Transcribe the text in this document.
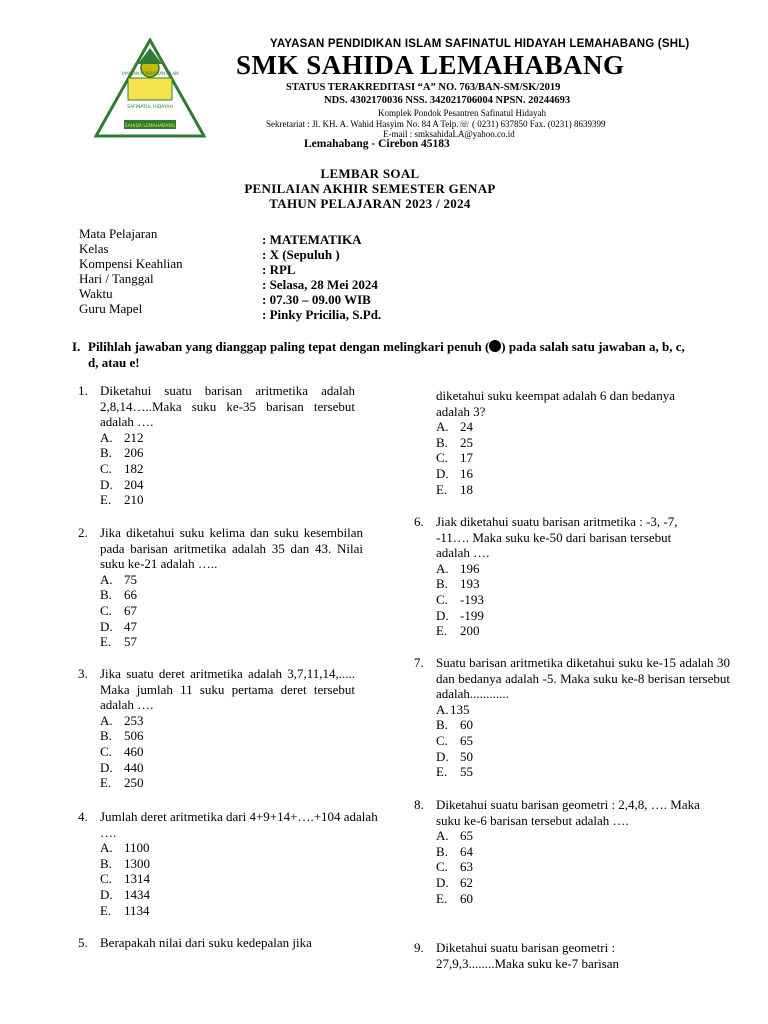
YAYASAN PENDIDIKAN ISLAM
SAFINATUL HIDAYAH
SAHIDA LEMAHABANG
YAYASAN PENDIDIKAN ISLAM SAFINATUL HIDAYAH LEMAHABANG (SHL)
SMK SAHIDA LEMAHABANG
STATUS TERAKREDITASI “A” NO. 763/BAN-SM/SK/2019
NDS. 4302170036 NSS. 342021706004 NPSN. 20244693
Komplek Pondok Pesantren Safinatul Hidayah
Sekretariat : Jl. KH. A. Wahid Hasyim No. 84 A Telp.☏ ( 0231) 637850 Fax. (0231) 8639399
E-mail : smksahidaLA@yahoo.co.id
Lemahabang - Cirebon 45183
LEMBAR SOAL
PENILAIAN AKHIR SEMESTER GENAP
TAHUN PELAJARAN 2023 / 2024
Mata Pelajaran
Kelas
Kompensi Keahlian
Hari / Tanggal
Waktu
Guru Mapel
: MATEMATIKA
: X (Sepuluh )
: RPL
: Selasa, 28 Mei 2024
: 07.30 – 09.00 WIB
: Pinky Pricilia, S.Pd.
I. Pilihlah jawaban yang dianggap paling tepat dengan melingkari penuh ( ) pada salah satu jawaban a, b, c, d, atau e!
1. Diketahui suatu barisan aritmetika adalah 2,8,14…..Maka suku ke-35 barisan tersebut adalah ….
A. 212
B. 206
C. 182
D. 204
E. 210
2. Jika diketahui suku kelima dan suku kesembilan pada barisan aritmetika adalah 35 dan 43. Nilai suku ke-21 adalah …..
A. 75
B. 66
C. 67
D. 47
E. 57
3. Jika suatu deret aritmetika adalah 3,7,11,14,..... Maka jumlah 11 suku pertama deret tersebut adalah ….
A. 253
B. 506
C. 460
D. 440
E. 250
4. Jumlah deret aritmetika dari 4+9+14+….+104 adalah ….
A. 1100
B. 1300
C. 1314
D. 1434
E. 1134
5. Berapakah nilai dari suku kedepalan jika
diketahui suku keempat adalah 6 dan bedanya adalah 3?
A. 24
B. 25
C. 17
D. 16
E. 18
6. Jiak diketahui suatu barisan aritmetika : -3, -7, -11…. Maka suku ke-50 dari barisan tersebut adalah ….
A. 196
B. 193
C. -193
D. -199
E. 200
7. Suatu barisan aritmetika diketahui suku ke-15 adalah 30 dan bedanya adalah -5. Maka suku ke-8 berisan tersebut adalah............
A.135
B. 60
C. 65
D. 50
E. 55
8. Diketahui suatu barisan geometri : 2,4,8, …. Maka suku ke-6 barisan tersebut adalah ….
A. 65
B. 64
C. 63
D. 62
E. 60
9. Diketahui suatu barisan geometri : 27,9,3........Maka suku ke-7 barisan
